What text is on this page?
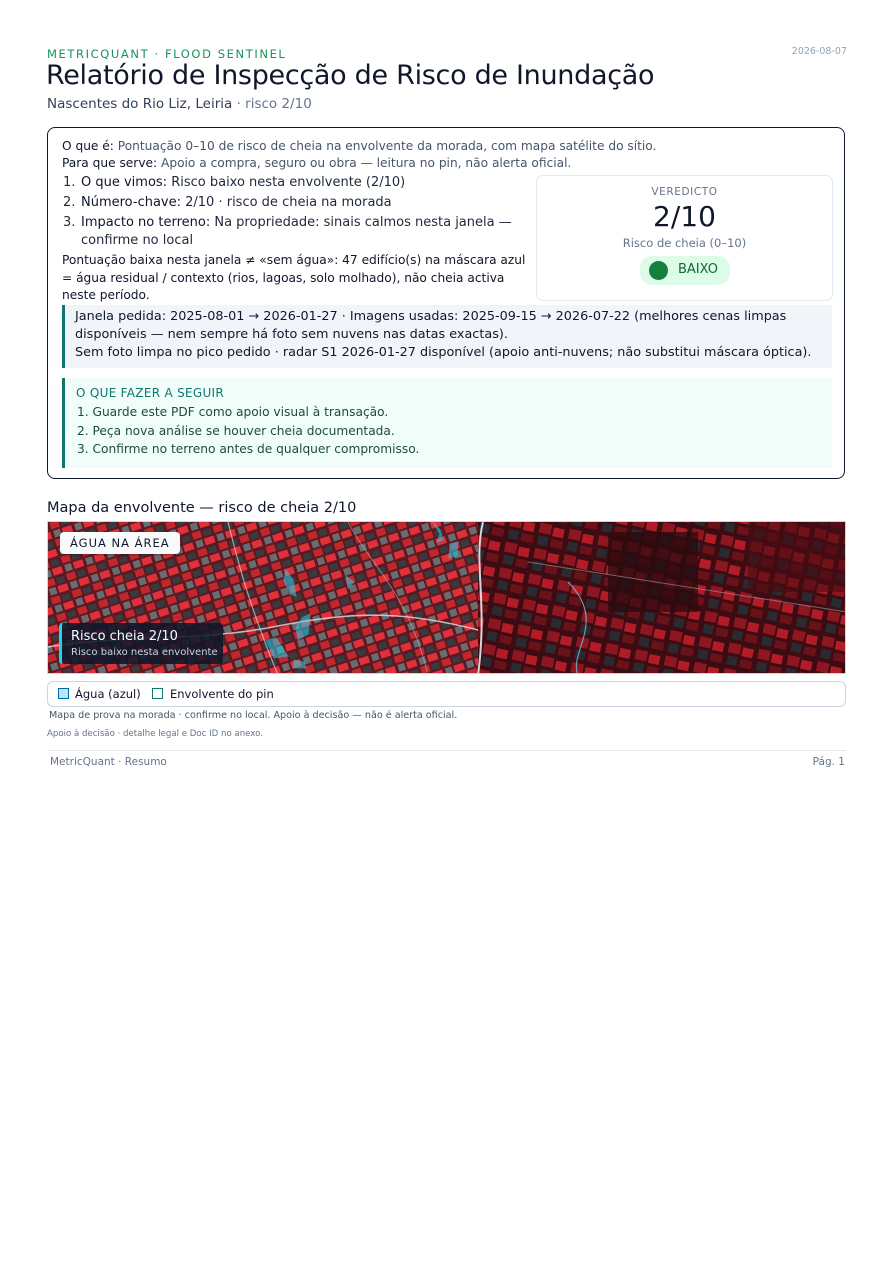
METRICQUANT · FLOOD SENTINEL	2026-08-07
Relatório de Inspecção de Risco de Inundação
Nascentes do Rio Liz, Leiria · risco 2/10
O que é: Pontuação 0–10 de risco de cheia na envolvente da morada, com mapa satélite do sítio.
Para que serve: Apoio a compra, seguro ou obra — leitura no pin, não alerta oficial.
1. O que vimos: Risco baixo nesta envolvente (2/10)
2. Número-chave: 2/10 · risco de cheia na morada
3. Impacto no terreno: Na propriedade: sinais calmos nesta janela — confirme no local
Pontuação baixa nesta janela ≠ «sem água»: 47 edifício(s) na máscara azul = água residual / contexto (rios, lagoas, solo molhado), não cheia activa neste período.
VEREDICTO
2/10
Risco de cheia (0–10)
BAIXO
Janela pedida: 2025-08-01 → 2026-01-27 · Imagens usadas: 2025-09-15 → 2026-07-22 (melhores cenas limpas disponíveis — nem sempre há foto sem nuvens nas datas exactas).
Sem foto limpa no pico pedido · radar S1 2026-01-27 disponível (apoio anti-nuvens; não substitui máscara óptica).
O QUE FAZER A SEGUIR
1. Guarde este PDF como apoio visual à transação.
2. Peça nova análise se houver cheia documentada.
3. Confirme no terreno antes de qualquer compromisso.
Mapa da envolvente — risco de cheia 2/10
ÁGUA NA ÁREA
Risco cheia 2/10
Risco baixo nesta envolvente
Água (azul)	Envolvente do pin
Mapa de prova na morada · confirme no local. Apoio à decisão — não é alerta oficial.
Apoio à decisão · detalhe legal e Doc ID no anexo.
MetricQuant · Resumo	Pág. 1
